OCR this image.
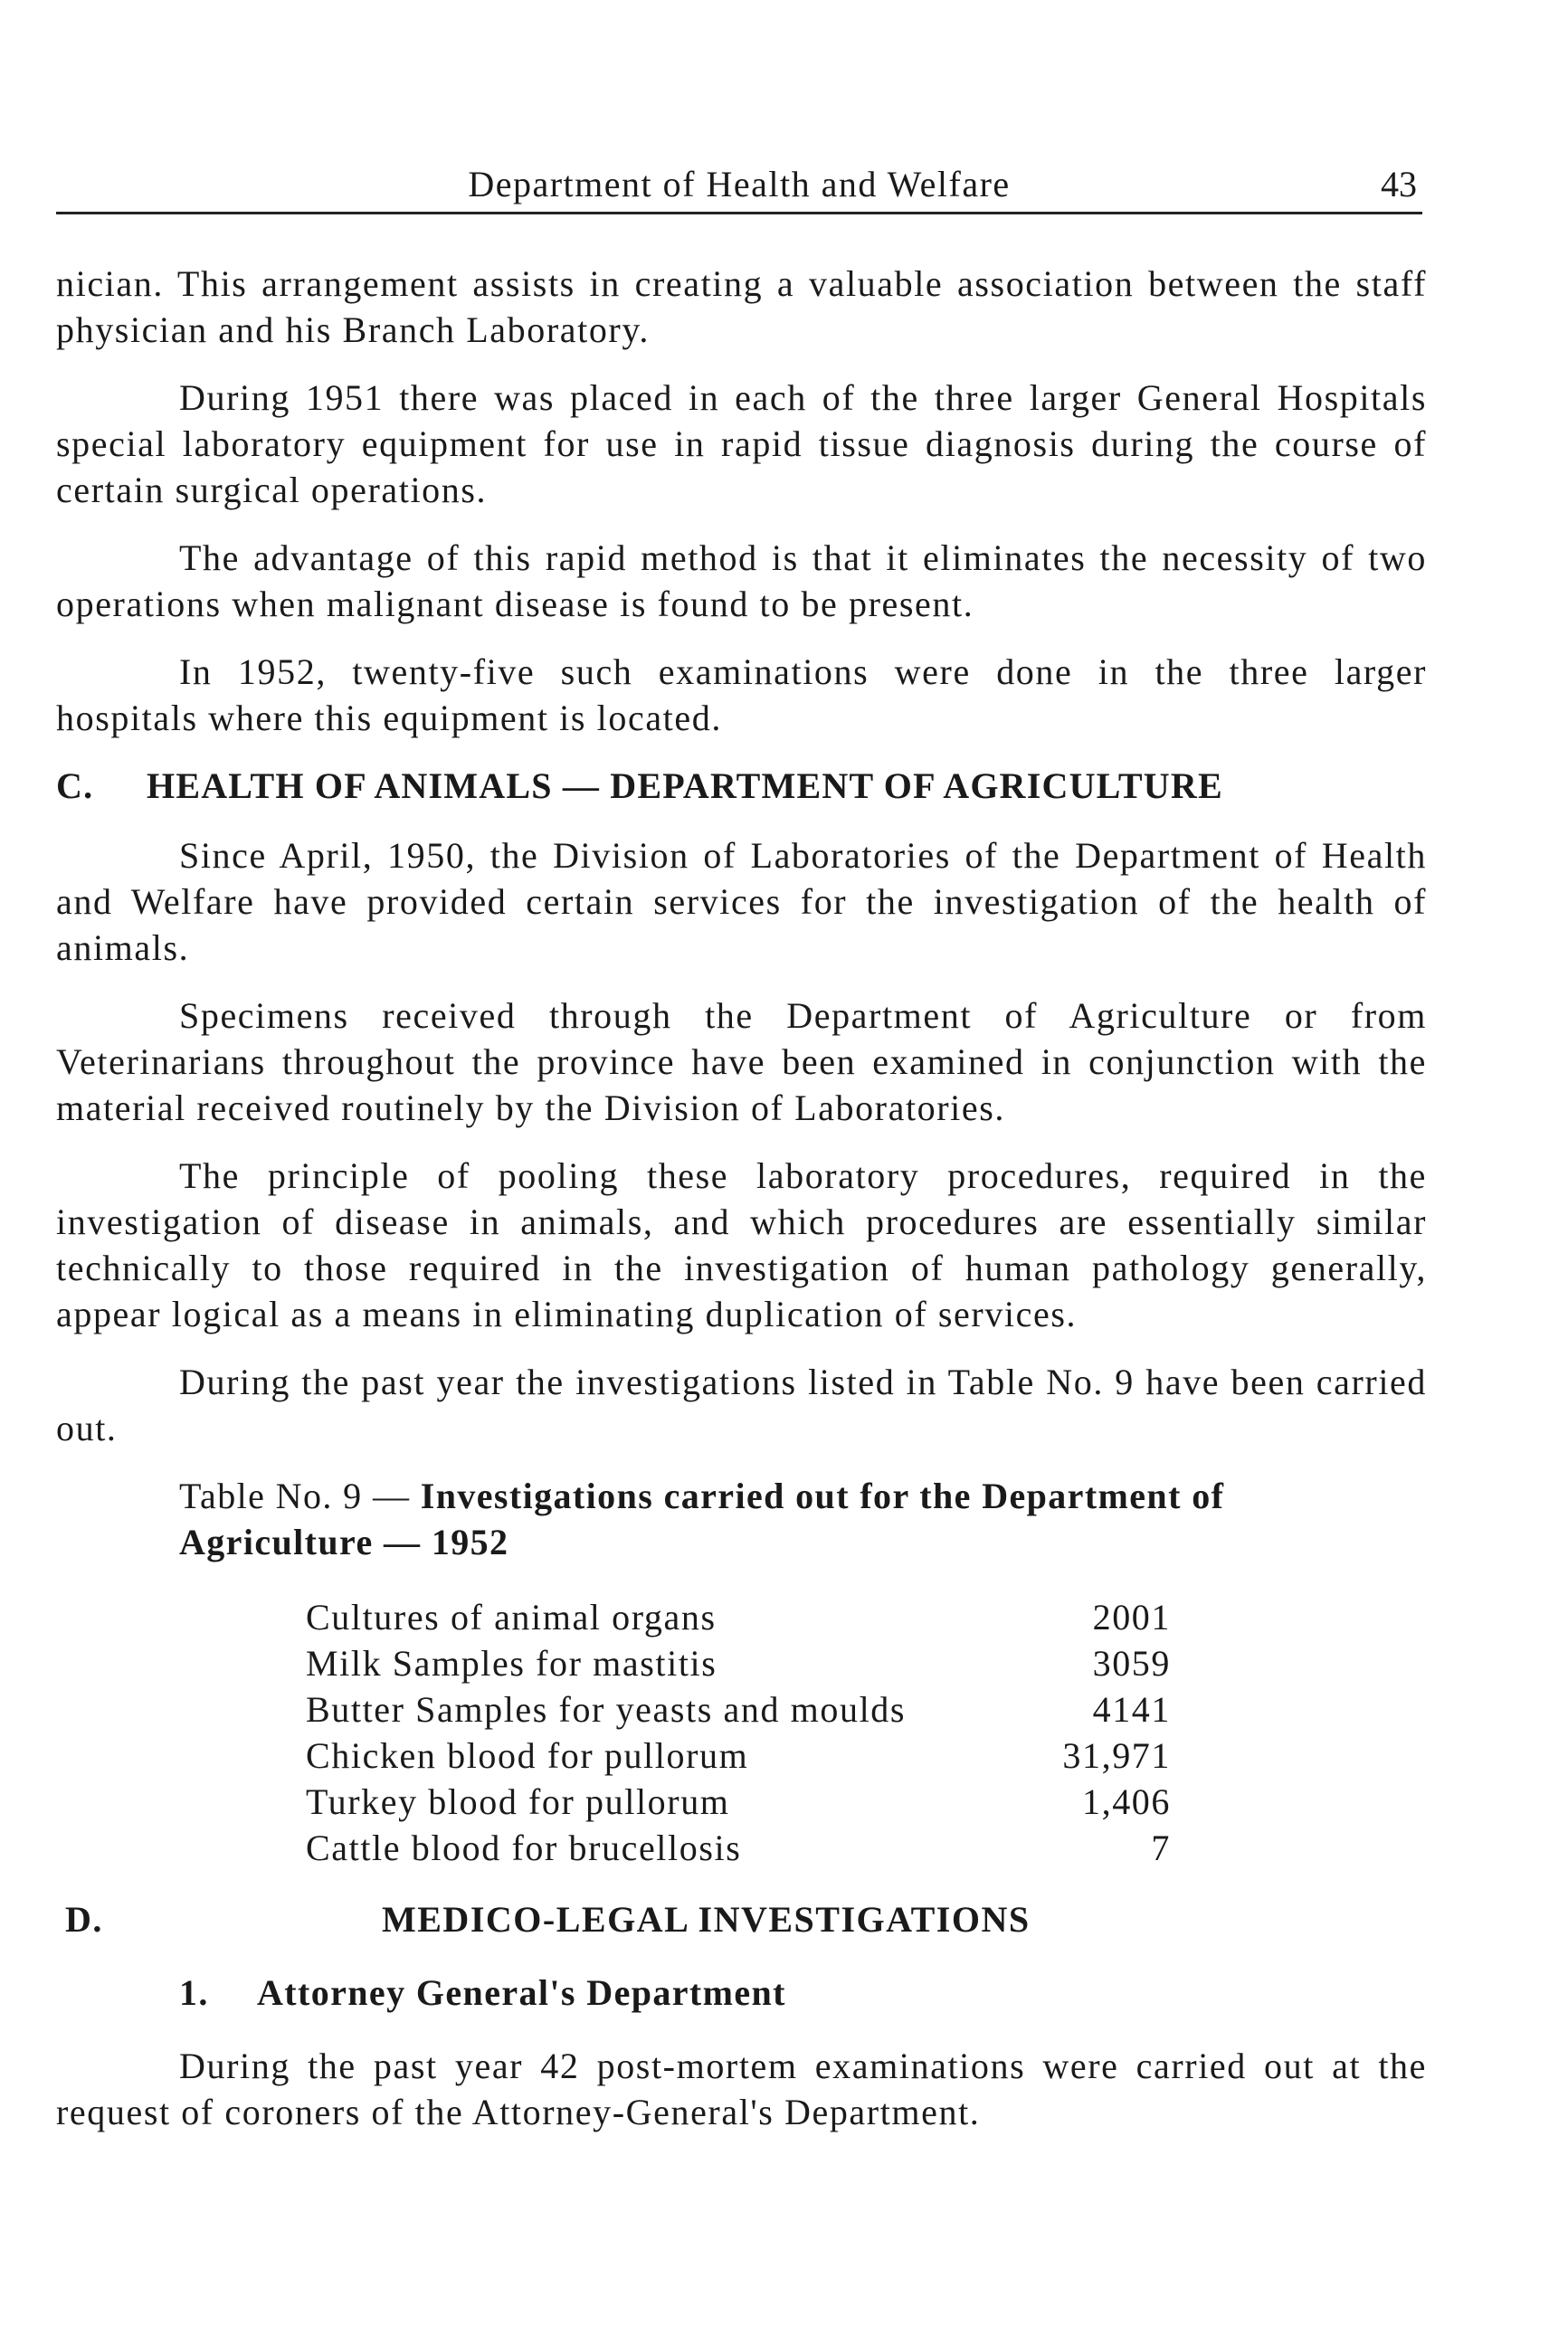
Department of Health and Welfare	43

nician. This arrangement assists in creating a valuable association between the staff physician and his Branch Laboratory.

During 1951 there was placed in each of the three larger General Hospitals special laboratory equipment for use in rapid tissue diagnosis during the course of certain surgical operations.

The advantage of this rapid method is that it eliminates the necessity of two operations when malignant disease is found to be present.

In 1952, twenty-five such examinations were done in the three larger hospitals where this equipment is located.

C. HEALTH OF ANIMALS — DEPARTMENT OF AGRICULTURE

Since April, 1950, the Division of Laboratories of the Department of Health and Welfare have provided certain services for the investigation of the health of animals.

Specimens received through the Department of Agriculture or from Veterinarians throughout the province have been examined in conjunction with the material received routinely by the Division of Laboratories.

The principle of pooling these laboratory procedures, required in the investigation of disease in animals, and which procedures are essentially similar technically to those required in the investigation of human pathology generally, appear logical as a means in eliminating duplication of services.

During the past year the investigations listed in Table No. 9 have been carried out.

Table No. 9 — Investigations carried out for the Department of Agriculture — 1952
Cultures of animal organs		2001
Milk Samples for mastitis		3059
Butter Samples for yeasts and moulds		4141
Chicken blood for pullorum		31,971
Turkey blood for pullorum		1,406
Cattle blood for brucellosis		7
D.	MEDICO-LEGAL INVESTIGATIONS
1. Attorney General's Department

During the past year 42 post-mortem examinations were carried out at the request of coroners of the Attorney-General's Department.
